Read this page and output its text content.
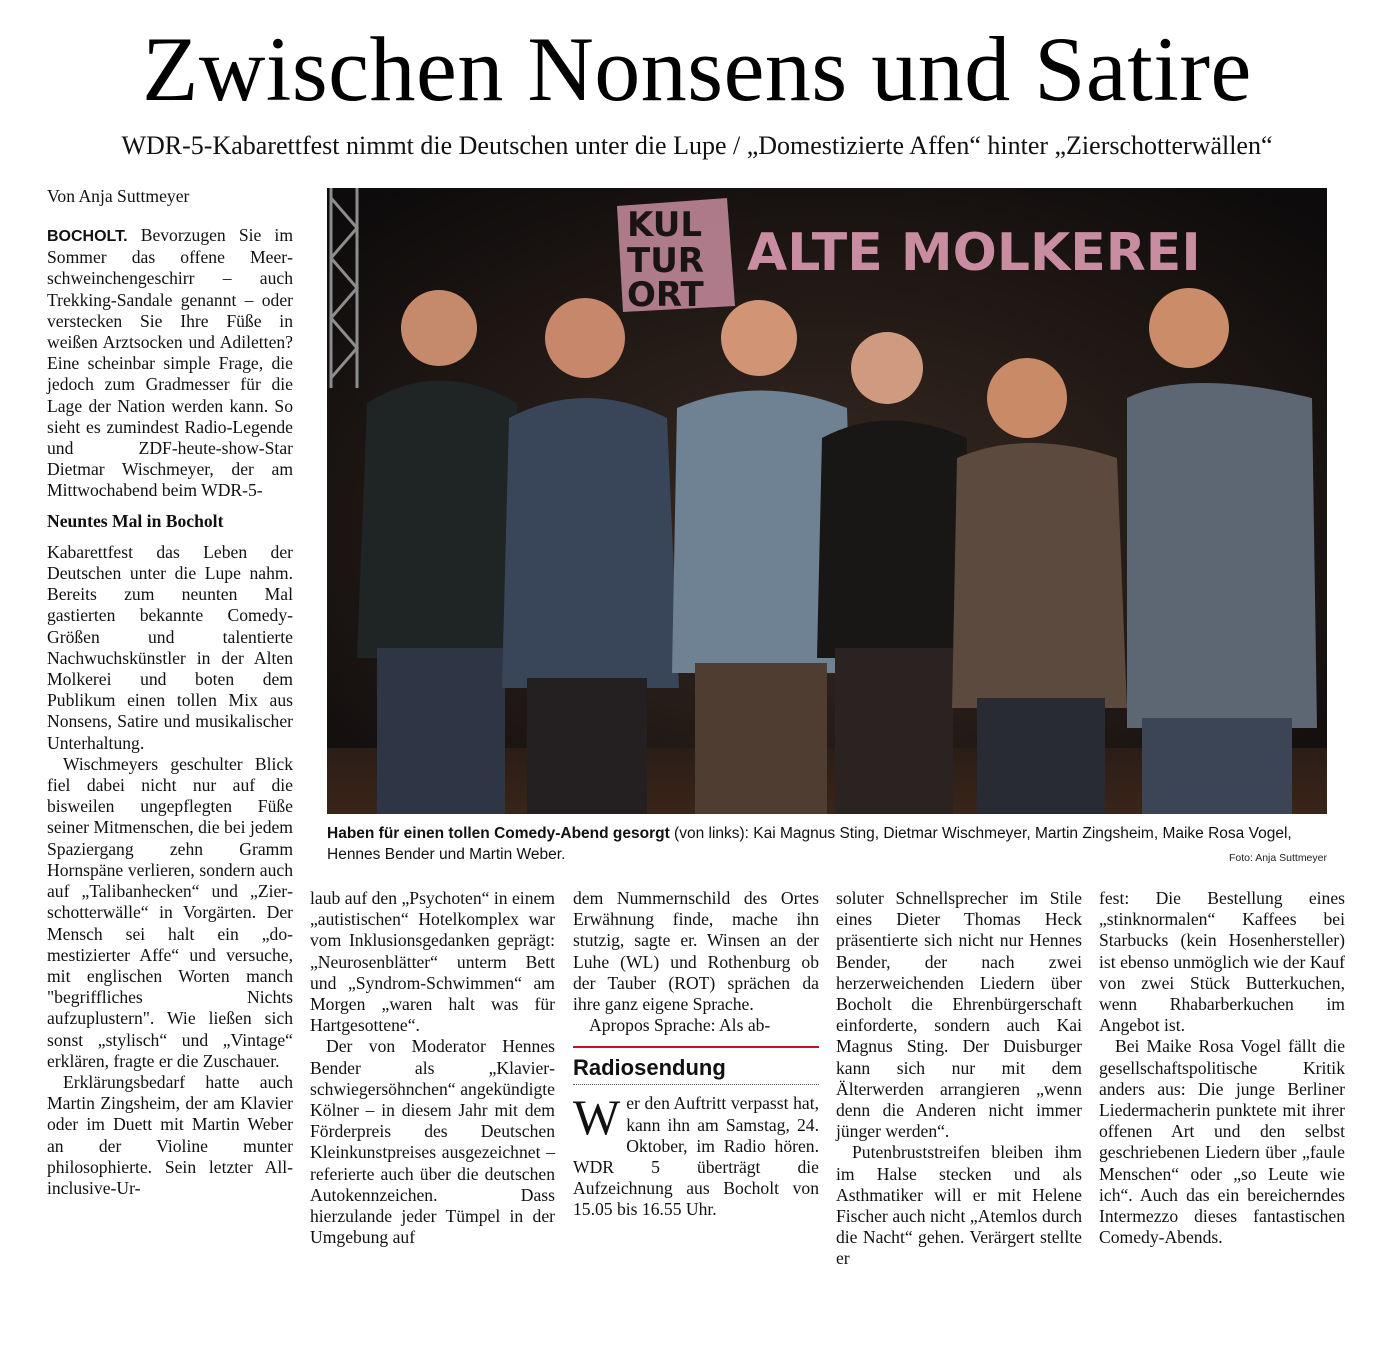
Zwischen Nonsens und Satire
WDR-5-Kabarettfest nimmt die Deutschen unter die Lupe / „Domestizierte Affen“ hinter „Zierschotterwällen“

Von Anja Suttmeyer

BOCHOLT. Bevorzugen Sie im Sommer das offene Meerschweinchengeschirr – auch Trekking-Sandale genannt – oder verstecken Sie Ihre Füße in weißen Arztsocken und Adiletten? Eine scheinbar simple Frage, die jedoch zum Gradmesser für die Lage der Nation werden kann. So sieht es zumindest Radio-Legende und ZDF-heute-show-Star Dietmar Wischmeyer, der am Mittwochabend beim WDR-5-

Neuntes Mal in Bocholt

Kabarettfest das Leben der Deutschen unter die Lupe nahm. Bereits zum neunten Mal gastierten bekannte Comedy-Größen und talentierte Nachwuchskünstler in der Alten Molkerei und boten dem Publikum einen tollen Mix aus Nonsens, Satire und musikalischer Unterhaltung.

Wischmeyers geschulter Blick fiel dabei nicht nur auf die bisweilen ungepflegten Füße seiner Mitmenschen, die bei jedem Spaziergang zehn Gramm Hornspäne verlieren, sondern auch auf „Talibanhecken“ und „Zierschotterwälle“ in Vorgärten. Der Mensch sei halt ein „domestizierter Affe“ und versuche, mit englischen Worten manch "begriffliches Nichts aufzuplustern". Wie ließen sich sonst „stylisch“ und „Vintage“ erklären, fragte er die Zuschauer.

Erklärungsbedarf hatte auch Martin Zingsheim, der am Klavier oder im Duett mit Martin Weber an der Violine munter philosophierte. Sein letzter All-inclusive-Ur-

KUL
TUR
ORT
ALTE MOLKEREI
Haben für einen tollen Comedy-Abend gesorgt (von links): Kai Magnus Sting, Dietmar Wischmeyer, Martin Zingsheim, Maike Rosa Vogel, Hennes Bender und Martin Weber.	Foto: Anja Suttmeyer

laub auf den „Psychoten“ in einem „autistischen“ Hotelkomplex war vom Inklusionsgedanken geprägt: „Neurosenblätter“ unterm Bett und „Syndrom-Schwimmen“ am Morgen „waren halt was für Hartgesottene“.

Der von Moderator Hennes Bender als „Klavierschwiegersöhnchen“ angekündigte Kölner – in diesem Jahr mit dem Förderpreis des Deutschen Kleinkunstpreises ausgezeichnet – referierte auch über die deutschen Autokennzeichen. Dass hierzulande jeder Tümpel in der Umgebung auf

dem Nummernschild des Ortes Erwähnung finde, mache ihn stutzig, sagte er. Winsen an der Luhe (WL) und Rothenburg ob der Tauber (ROT) sprächen da ihre ganz eigene Sprache.

Apropos Sprache: Als ab-

Radiosendung

Wer den Auftritt verpasst hat, kann ihn am Samstag, 24. Oktober, im Radio hören. WDR 5 überträgt die Aufzeichnung aus Bocholt von 15.05 bis 16.55 Uhr.

soluter Schnellsprecher im Stile eines Dieter Thomas Heck präsentierte sich nicht nur Hennes Bender, der nach zwei herzerweichenden Liedern über Bocholt die Ehrenbürgerschaft einforderte, sondern auch Kai Magnus Sting. Der Duisburger kann sich nur mit dem Älterwerden arrangieren „wenn denn die Anderen nicht immer jünger werden“.

Putenbruststreifen bleiben ihm im Halse stecken und als Asthmatiker will er mit Helene Fischer auch nicht „Atemlos durch die Nacht“ gehen. Verärgert stellte er

fest: Die Bestellung eines „stinknormalen“ Kaffees bei Starbucks (kein Hosenhersteller) ist ebenso unmöglich wie der Kauf von zwei Stück Butterkuchen, wenn Rhabarberkuchen im Angebot ist.

Bei Maike Rosa Vogel fällt die gesellschaftspolitische Kritik anders aus: Die junge Berliner Liedermacherin punktete mit ihrer offenen Art und den selbst geschriebenen Liedern über „faule Menschen“ oder „so Leute wie ich“. Auch das ein bereicherndes Intermezzo dieses fantastischen Comedy-Abends.
